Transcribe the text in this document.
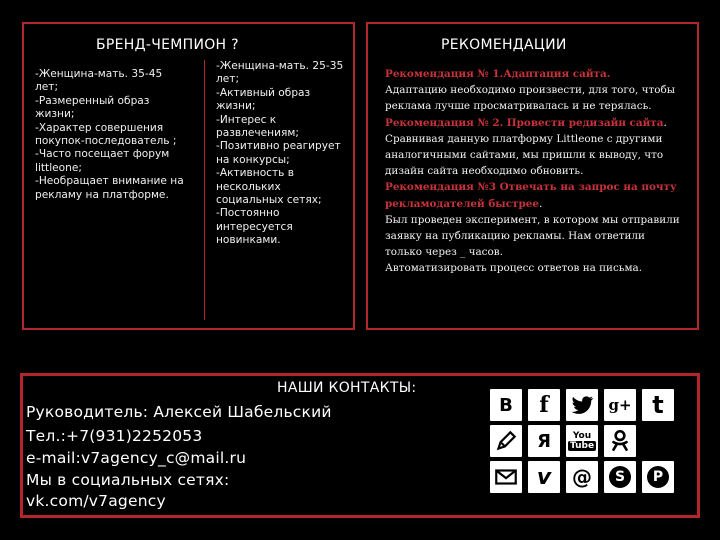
БРЕНД-ЧЕМПИОН ?
-Женщина-мать. 35-45 лет;
-Размеренный образ жизни;
-Характер совершения покупок-последователь ;
-Часто посещает форум littleone;
-Необращает внимание на рекламу на платформе.
-Женщина-мать. 25-35 лет;
-Активный образ жизни;
-Интерес к развлечениям;
-Позитивно реагирует на конкурсы;
-Активность в нескольких социальных сетях;
-Постоянно интересуется новинками.
РЕКОМЕНДАЦИИ
Рекомендация № 1.Адаптация сайта.
Адаптацию необходимо произвести, для того, чтобы реклама лучше просматривалась и не терялась.
Рекомендация № 2. Провести редизайн сайта.
Сравнивая данную платформу Littleone с другими аналогичными сайтами, мы пришли к выводу, что дизайн сайта необходимо обновить.
Рекомендация №3 Отвечать на запрос на почту рекламодателей быстрее.
Был проведен эксперимент, в котором мы отправили заявку на публикацию рекламы. Нам ответили только через _ часов.
Автоматизировать процесс ответов на письма.
НАШИ КОНТАКТЫ:
Руководитель: Алексей Шабельский
Тел.:+7(931)2252053
e-mail:v7agency_c@mail.ru
Мы в социальных сетях:
vk.com/v7agency
B f	g+ t
Я You
Tube
v @	S	P
